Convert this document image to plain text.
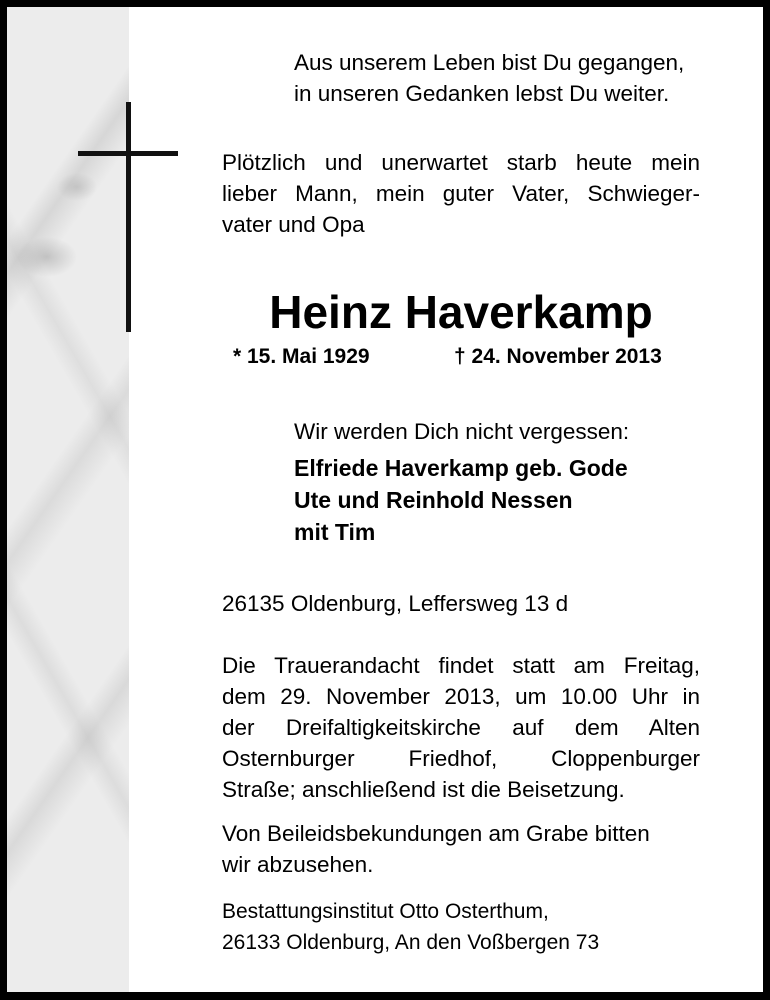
Aus unserem Leben bist Du gegangen,
in unseren Gedanken lebst Du weiter.
Plötzlich und unerwartet starb heute mein
lieber Mann, mein guter Vater, Schwieger-
vater und Opa
Heinz Haverkamp
* 15. Mai 1929	† 24. November 2013
Wir werden Dich nicht vergessen:
Elfriede Haverkamp geb. Gode
Ute und Reinhold Nessen
mit Tim
26135 Oldenburg, Leffersweg 13 d
Die Trauerandacht findet statt am Freitag,
dem 29. November 2013, um 10.00 Uhr in
der Dreifaltigkeitskirche auf dem Alten
Osternburger Friedhof, Cloppenburger
Straße; anschließend ist die Beisetzung.
Von Beileidsbekundungen am Grabe bitten
wir abzusehen.
Bestattungsinstitut Otto Osterthum,
26133 Oldenburg, An den Voßbergen 73
